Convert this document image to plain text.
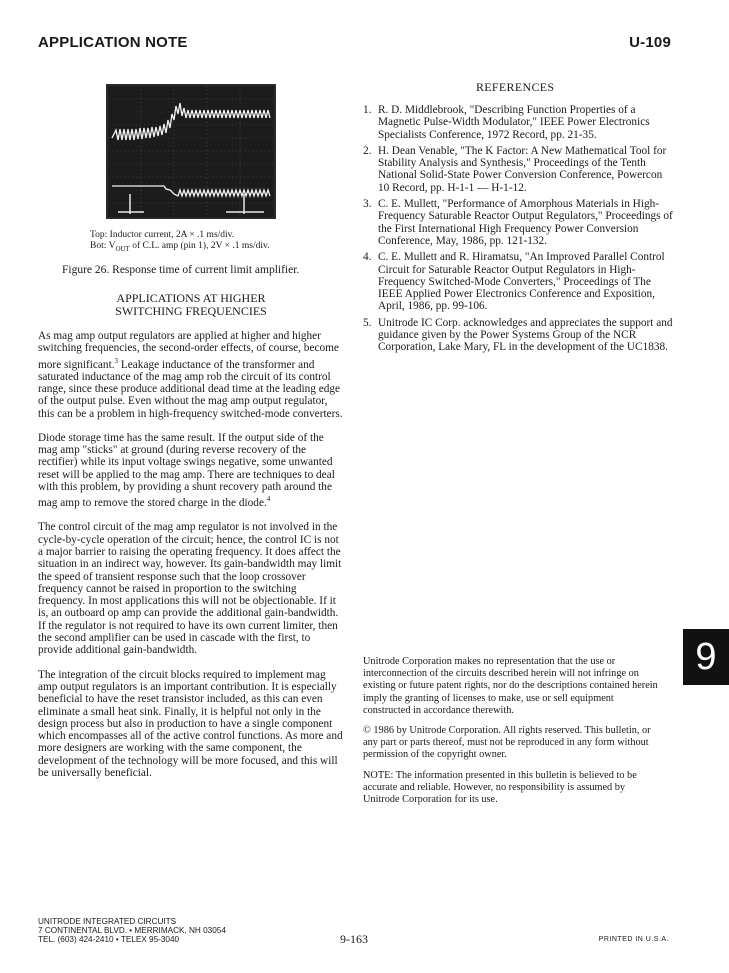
APPLICATION NOTE	U-109
Top: Inductor current, 2A × .1 ms/div.
Bot: $V_{OUT}$ of C.L. amp (pin 1), 2V × .1 ms/div.
Figure 26. Response time of current limit amplifier.
APPLICATIONS AT HIGHER
SWITCHING FREQUENCIES

As mag amp output regulators are applied at higher and higher switching frequencies, the second-order effects, of course, become more significant.$^3$ Leakage inductance of the transformer and saturated inductance of the mag amp rob the circuit of its control range, since these produce additional dead time at the leading edge of the output pulse. Even without the mag amp output regulator, this can be a problem in high-frequency switched-mode converters.

Diode storage time has the same result. If the output side of the mag amp "sticks" at ground (during reverse recovery of the rectifier) while its input voltage swings negative, some unwanted reset will be applied to the mag amp. There are techniques to deal with this problem, by providing a shunt recovery path around the mag amp to remove the stored charge in the diode.$^4$

The control circuit of the mag amp regulator is not involved in the cycle-by-cycle operation of the circuit; hence, the control IC is not a major barrier to raising the operating frequency. It does affect the situation in an indirect way, however. Its gain-bandwidth may limit the speed of transient response such that the loop crossover frequency cannot be raised in proportion to the switching frequency. In most applications this will not be objectionable. If it is, an outboard op amp can provide the additional gain-bandwidth. If the regulator is not required to have its own current limiter, then the second amplifier can be used in cascade with the first, to provide additional gain-bandwidth.

The integration of the circuit blocks required to implement mag amp output regulators is an important contribution. It is especially beneficial to have the reset transistor included, as this can even eliminate a small heat sink. Finally, it is helpful not only in the design process but also in production to have a single component which encompasses all of the active control functions. As more and more designers are working with the same component, the development of the technology will be more focused, and this will be universally beneficial.

REFERENCES
1. R. D. Middlebrook, "Describing Function Properties of a Magnetic Pulse-Width Modulator," IEEE Power Electronics Specialists Conference, 1972 Record, pp. 21-35.
2. H. Dean Venable, "The K Factor: A New Mathematical Tool for Stability Analysis and Synthesis," Proceedings of the Tenth National Solid-State Power Conversion Conference, Powercon 10 Record, pp. H-1-1 — H-1-12.
3. C. E. Mullett, "Performance of Amorphous Materials in High-Frequency Saturable Reactor Output Regulators," Proceedings of the First International High Frequency Power Conversion Conference, May, 1986, pp. 121-132.
4. C. E. Mullett and R. Hiramatsu, "An Improved Parallel Control Circuit for Saturable Reactor Output Regulators in High-Frequency Switched-Mode Converters," Proceedings of The IEEE Applied Power Electronics Conference and Exposition, April, 1986, pp. 99-106.
5. Unitrode IC Corp. acknowledges and appreciates the support and guidance given by the Power Systems Group of the NCR Corporation, Lake Mary, FL in the development of the UC1838.

Unitrode Corporation makes no representation that the use or interconnection of the circuits described herein will not infringe on existing or future patent rights, nor do the descriptions contained herein imply the granting of licenses to make, use or sell equipment constructed in accordance therewith.

© 1986 by Unitrode Corporation. All rights reserved. This bulletin, or any part or parts thereof, must not be reproduced in any form without permission of the copyright owner.

NOTE: The information presented in this bulletin is believed to be accurate and reliable. However, no responsibility is assumed by Unitrode Corporation for its use.

9
UNITRODE INTEGRATED CIRCUITS
7 CONTINENTAL BLVD. • MERRIMACK, NH 03054
TEL. (603) 424-2410 • TELEX 95-3040	9-163	PRINTED IN U.S.A.
